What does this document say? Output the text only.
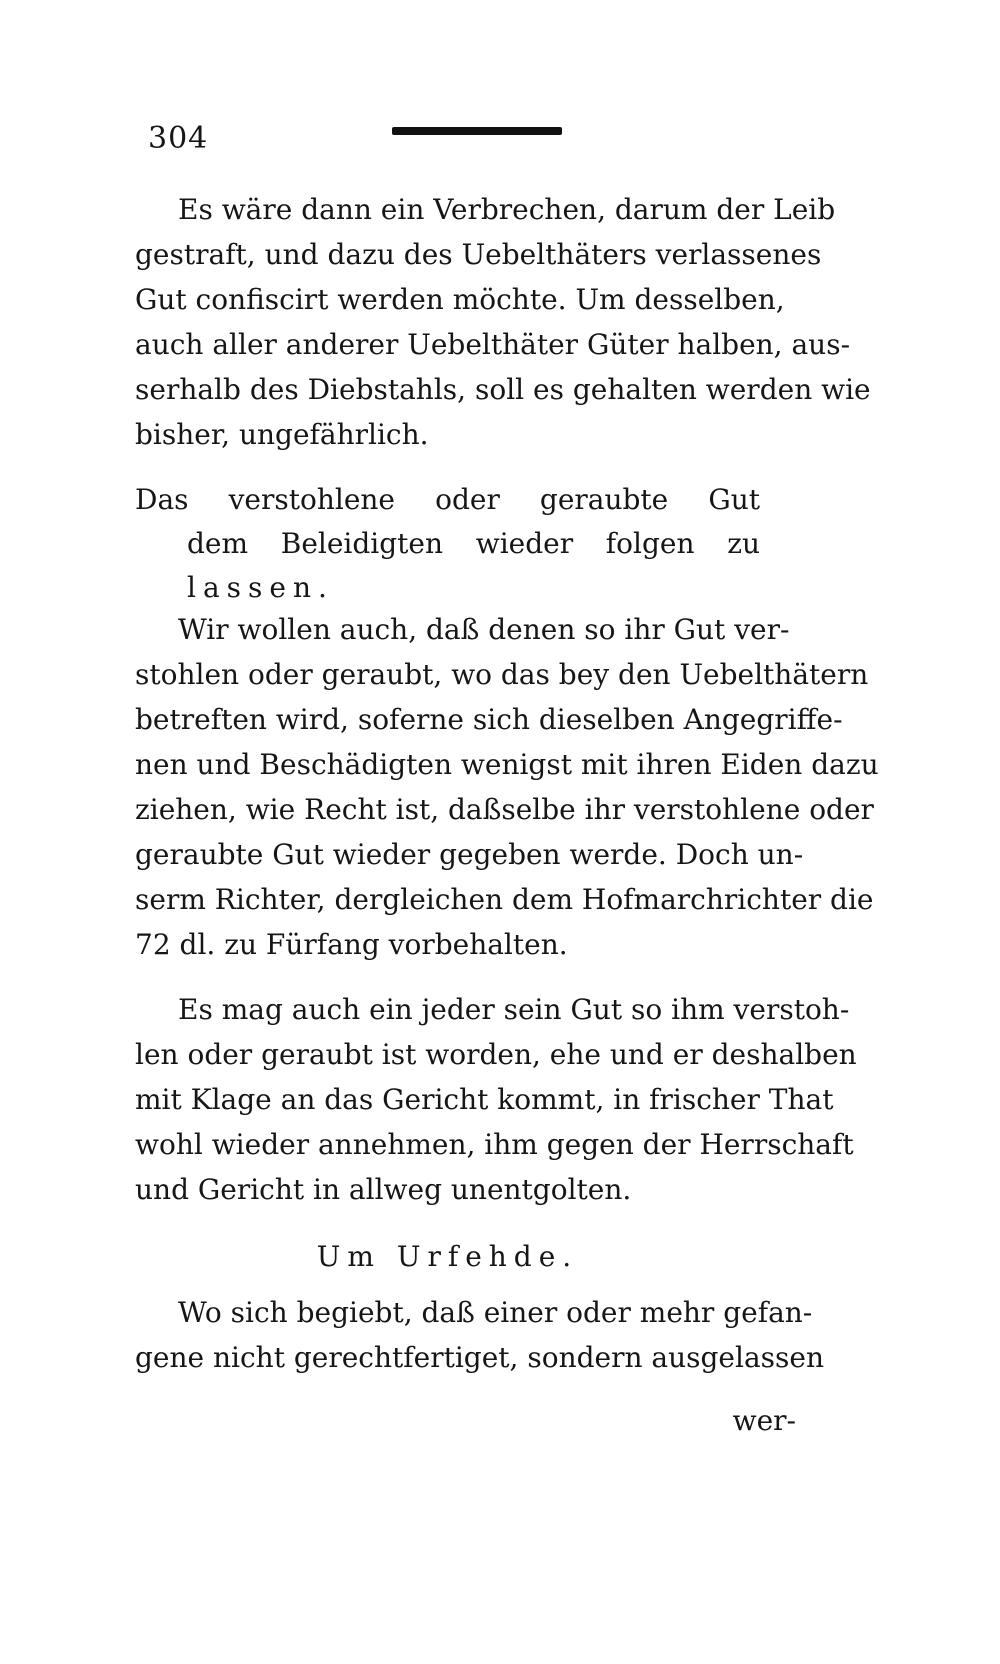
304
Es wäre dann ein Verbrechen, darum der Leib
gestraft, und dazu des Uebelthäters verlassenes
Gut confiscirt werden möchte. Um desselben,
auch aller anderer Uebelthäter Güter halben, aus-
serhalb des Diebstahls, soll es gehalten werden wie
bisher, ungefährlich.
Das verstohlene oder geraubte Gut
dem Beleidigten wieder folgen zu
lassen.
Wir wollen auch, daß denen so ihr Gut ver-
stohlen oder geraubt, wo das bey den Uebelthätern
betreften wird, soferne sich dieselben Angegriffe-
nen und Beschädigten wenigst mit ihren Eiden dazu
ziehen, wie Recht ist, daßselbe ihr verstohlene oder
geraubte Gut wieder gegeben werde. Doch un-
serm Richter, dergleichen dem Hofmarchrichter die
72 dl. zu Fürfang vorbehalten.
Es mag auch ein jeder sein Gut so ihm verstoh-
len oder geraubt ist worden, ehe und er deshalben
mit Klage an das Gericht kommt, in frischer That
wohl wieder annehmen, ihm gegen der Herrschaft
und Gericht in allweg unentgolten.
Um Urfehde.
Wo sich begiebt, daß einer oder mehr gefan-
gene nicht gerechtfertiget, sondern ausgelassen
wer-
